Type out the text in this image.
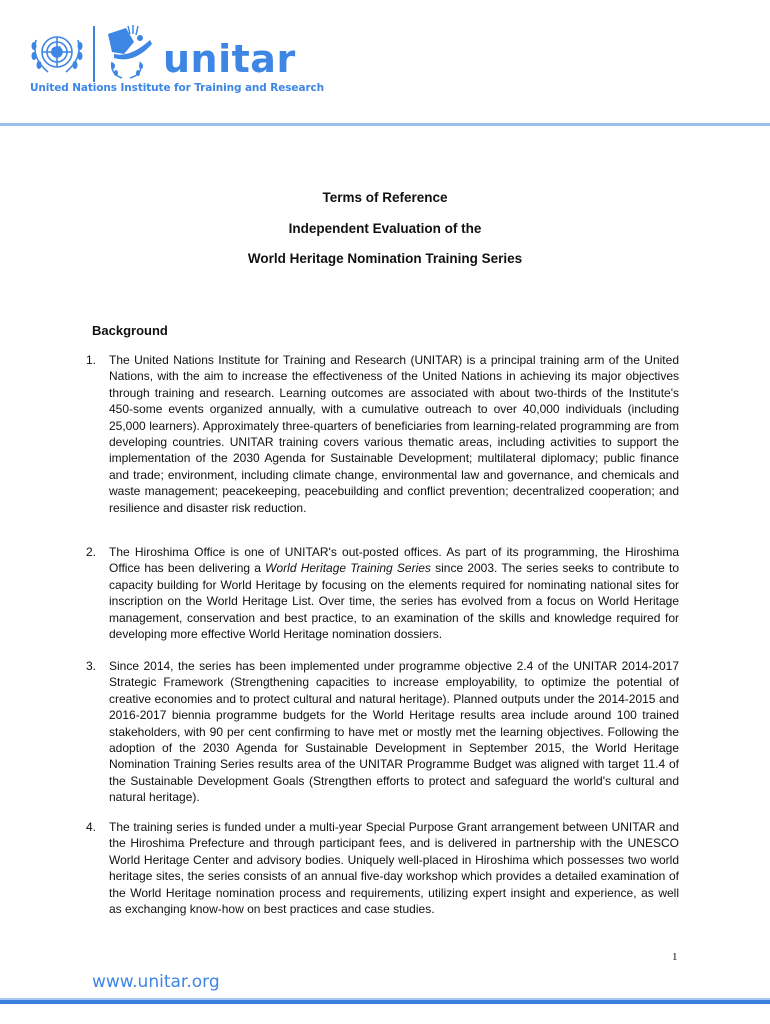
unitar
United Nations Institute for Training and Research
Terms of Reference
Independent Evaluation of the
World Heritage Nomination Training Series
Background
1.	The United Nations Institute for Training and Research (UNITAR) is a principal training arm of the United Nations, with the aim to increase the effectiveness of the United Nations in achieving its major objectives through training and research. Learning outcomes are associated with about two-thirds of the Institute's 450-some events organized annually, with a cumulative outreach to over 40,000 individuals (including 25,000 learners). Approximately three-quarters of beneficiaries from learning-related programming are from developing countries. UNITAR training covers various thematic areas, including activities to support the implementation of the 2030 Agenda for Sustainable Development; multilateral diplomacy; public finance and trade; environment, including climate change, environmental law and governance, and chemicals and waste management; peacekeeping, peacebuilding and conflict prevention; decentralized cooperation; and resilience and disaster risk reduction.
2.	The Hiroshima Office is one of UNITAR's out-posted offices. As part of its programming, the Hiroshima Office has been delivering a World Heritage Training Series since 2003. The series seeks to contribute to capacity building for World Heritage by focusing on the elements required for nominating national sites for inscription on the World Heritage List. Over time, the series has evolved from a focus on World Heritage management, conservation and best practice, to an examination of the skills and knowledge required for developing more effective World Heritage nomination dossiers.
3.	Since 2014, the series has been implemented under programme objective 2.4 of the UNITAR 2014-2017 Strategic Framework (Strengthening capacities to increase employability, to optimize the potential of creative economies and to protect cultural and natural heritage). Planned outputs under the 2014-2015 and 2016-2017 biennia programme budgets for the World Heritage results area include around 100 trained stakeholders, with 90 per cent confirming to have met or mostly met the learning objectives. Following the adoption of the 2030 Agenda for Sustainable Development in September 2015, the World Heritage Nomination Training Series results area of the UNITAR Programme Budget was aligned with target 11.4 of the Sustainable Development Goals (Strengthen efforts to protect and safeguard the world's cultural and natural heritage).
4.	The training series is funded under a multi-year Special Purpose Grant arrangement between UNITAR and the Hiroshima Prefecture and through participant fees, and is delivered in partnership with the UNESCO World Heritage Center and advisory bodies. Uniquely well-placed in Hiroshima which possesses two world heritage sites, the series consists of an annual five-day workshop which provides a detailed examination of the World Heritage nomination process and requirements, utilizing expert insight and experience, as well as exchanging know-how on best practices and case studies.
1
www.unitar.org
